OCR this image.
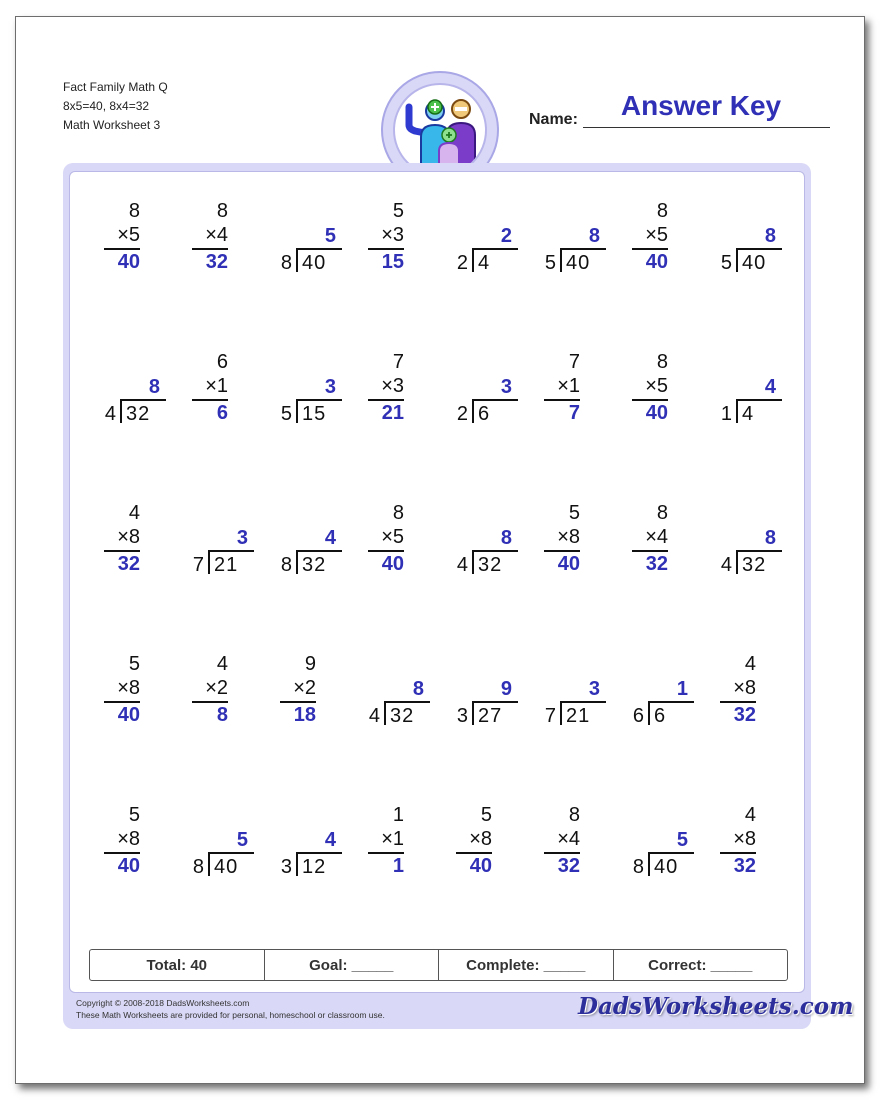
Fact Family Math Q
8x5=40, 8x4=32
Math Worksheet 3
Answer Key
Name:
8
×5
40
8
×4
32
5
8 40
5
×3
15
2
2 4
8
5 40
8
×5
40
8
5 40
8
4 32
6
×1
6
3
5 15
7
×3
21
3
2 6
7
×1
7
8
×5
40
4
1 4
4
×8
32
3
7 21
4
8 32
8
×5
40
8
4 32
5
×8
40
8
×4
32
8
4 32
5
×8
40
4
×2
8
9
×2
18
8
4 32
9
3 27
3
7 21
1
6 6
4
×8
32
5
×8
40
5
8 40
4
3 12
1
×1
1
5
×8
40
8
×4
32
5
8 40
4
×8
32
Total: 40	Goal: _____	Complete: _____	Correct: _____
Copyright © 2008-2018 DadsWorksheets.com
These Math Worksheets are provided for personal, homeschool or classroom use.	DadsWorksheets.com
